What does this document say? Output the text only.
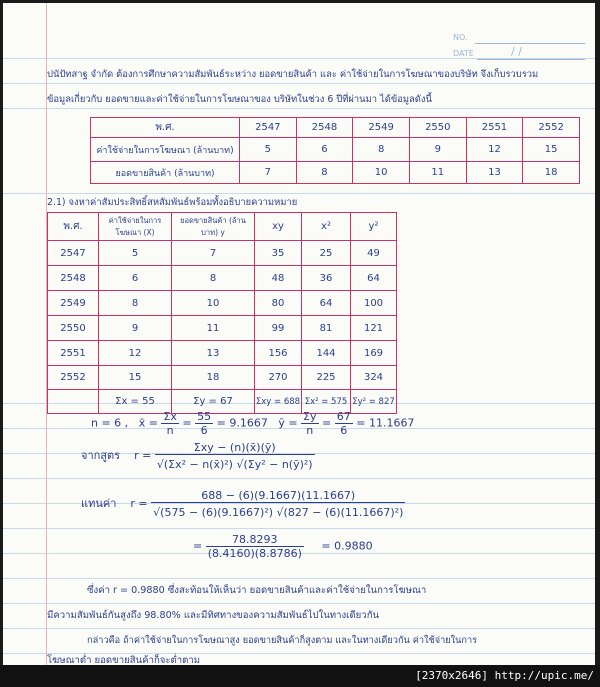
NO.
DATE	/ /
ปนัปัทสาฐ จำกัด ต้องการศึกษาความสัมพันธ์ระหว่าง ยอดขายสินค้า และ ค่าใช้จ่ายในการโฆษณาของบริษัท จึงเก็บรวบรวม
ข้อมูลเกี่ยวกับ ยอดขายและค่าใช้จ่ายในการโฆษณาของ บริษัทในช่วง 6 ปีที่ผ่านมา ได้ข้อมูลดังนี้
พ.ศ.	2547	2548	2549	2550	2551	2552
ค่าใช้จ่ายในการโฆษณา (ล้านบาท)	5	6	8	9	12	15
ยอดขายสินค้า (ล้านบาท)	7	8	10	11	13	18
2.1) จงหาค่าสัมประสิทธิ์สหสัมพันธ์พร้อมทั้งอธิบายความหมาย
พ.ศ.	ค่าใช้จ่ายในการโฆษณา (X)	ยอดขายสินค้า (ล้านบาท) y	xy	x²	y²
2547	5	7	35	25	49
2548	6	8	48	36	64
2549	8	10	80	64	100
2550	9	11	99	81	121
2551	12	13	156	144	169
2552	15	18	270	225	324
	Σx = 55	Σy = 67	Σxy = 688	Σx² = 575	Σy² = 827
n = 6 , x̄ = $\frac{\Sigma x}{n} = \frac{55}{6} = 9.1667$ ȳ = $\frac{\Sigma y}{n} = \frac{67}{6} = 11.1667$
จากสูตร $r = \frac{\text{Σxy − (n)(x̄)(ȳ)}}{\text{√(Σx² − n(x̄)²) √(Σy² − n(ȳ)²)}}$
แทนค่า $r = \frac{688 - (6)(9.1667)(11.1667)}{\text{√(575 − (6)(9.1667)²) √(827 − (6)(11.1667)²)}}$
= $\frac{78.8293}{(8.4160)(8.8786)} = 0.9880$
ซึ่งค่า r = 0.9880 ซึ่งสะท้อนให้เห็นว่า ยอดขายสินค้าและค่าใช้จ่ายในการโฆษณา
มีความสัมพันธ์กันสูงถึง 98.80% และมีทิศทางของความสัมพันธ์ไปในทางเดียวกัน
กล่าวคือ ถ้าค่าใช้จ่ายในการโฆษณาสูง ยอดขายสินค้าก็สูงตาม และในทางเดียวกัน ค่าใช้จ่ายในการ
โฆษณาต่ำ ยอดขายสินค้าก็จะต่ำตาม
[2370x2646] http://upic.me/
